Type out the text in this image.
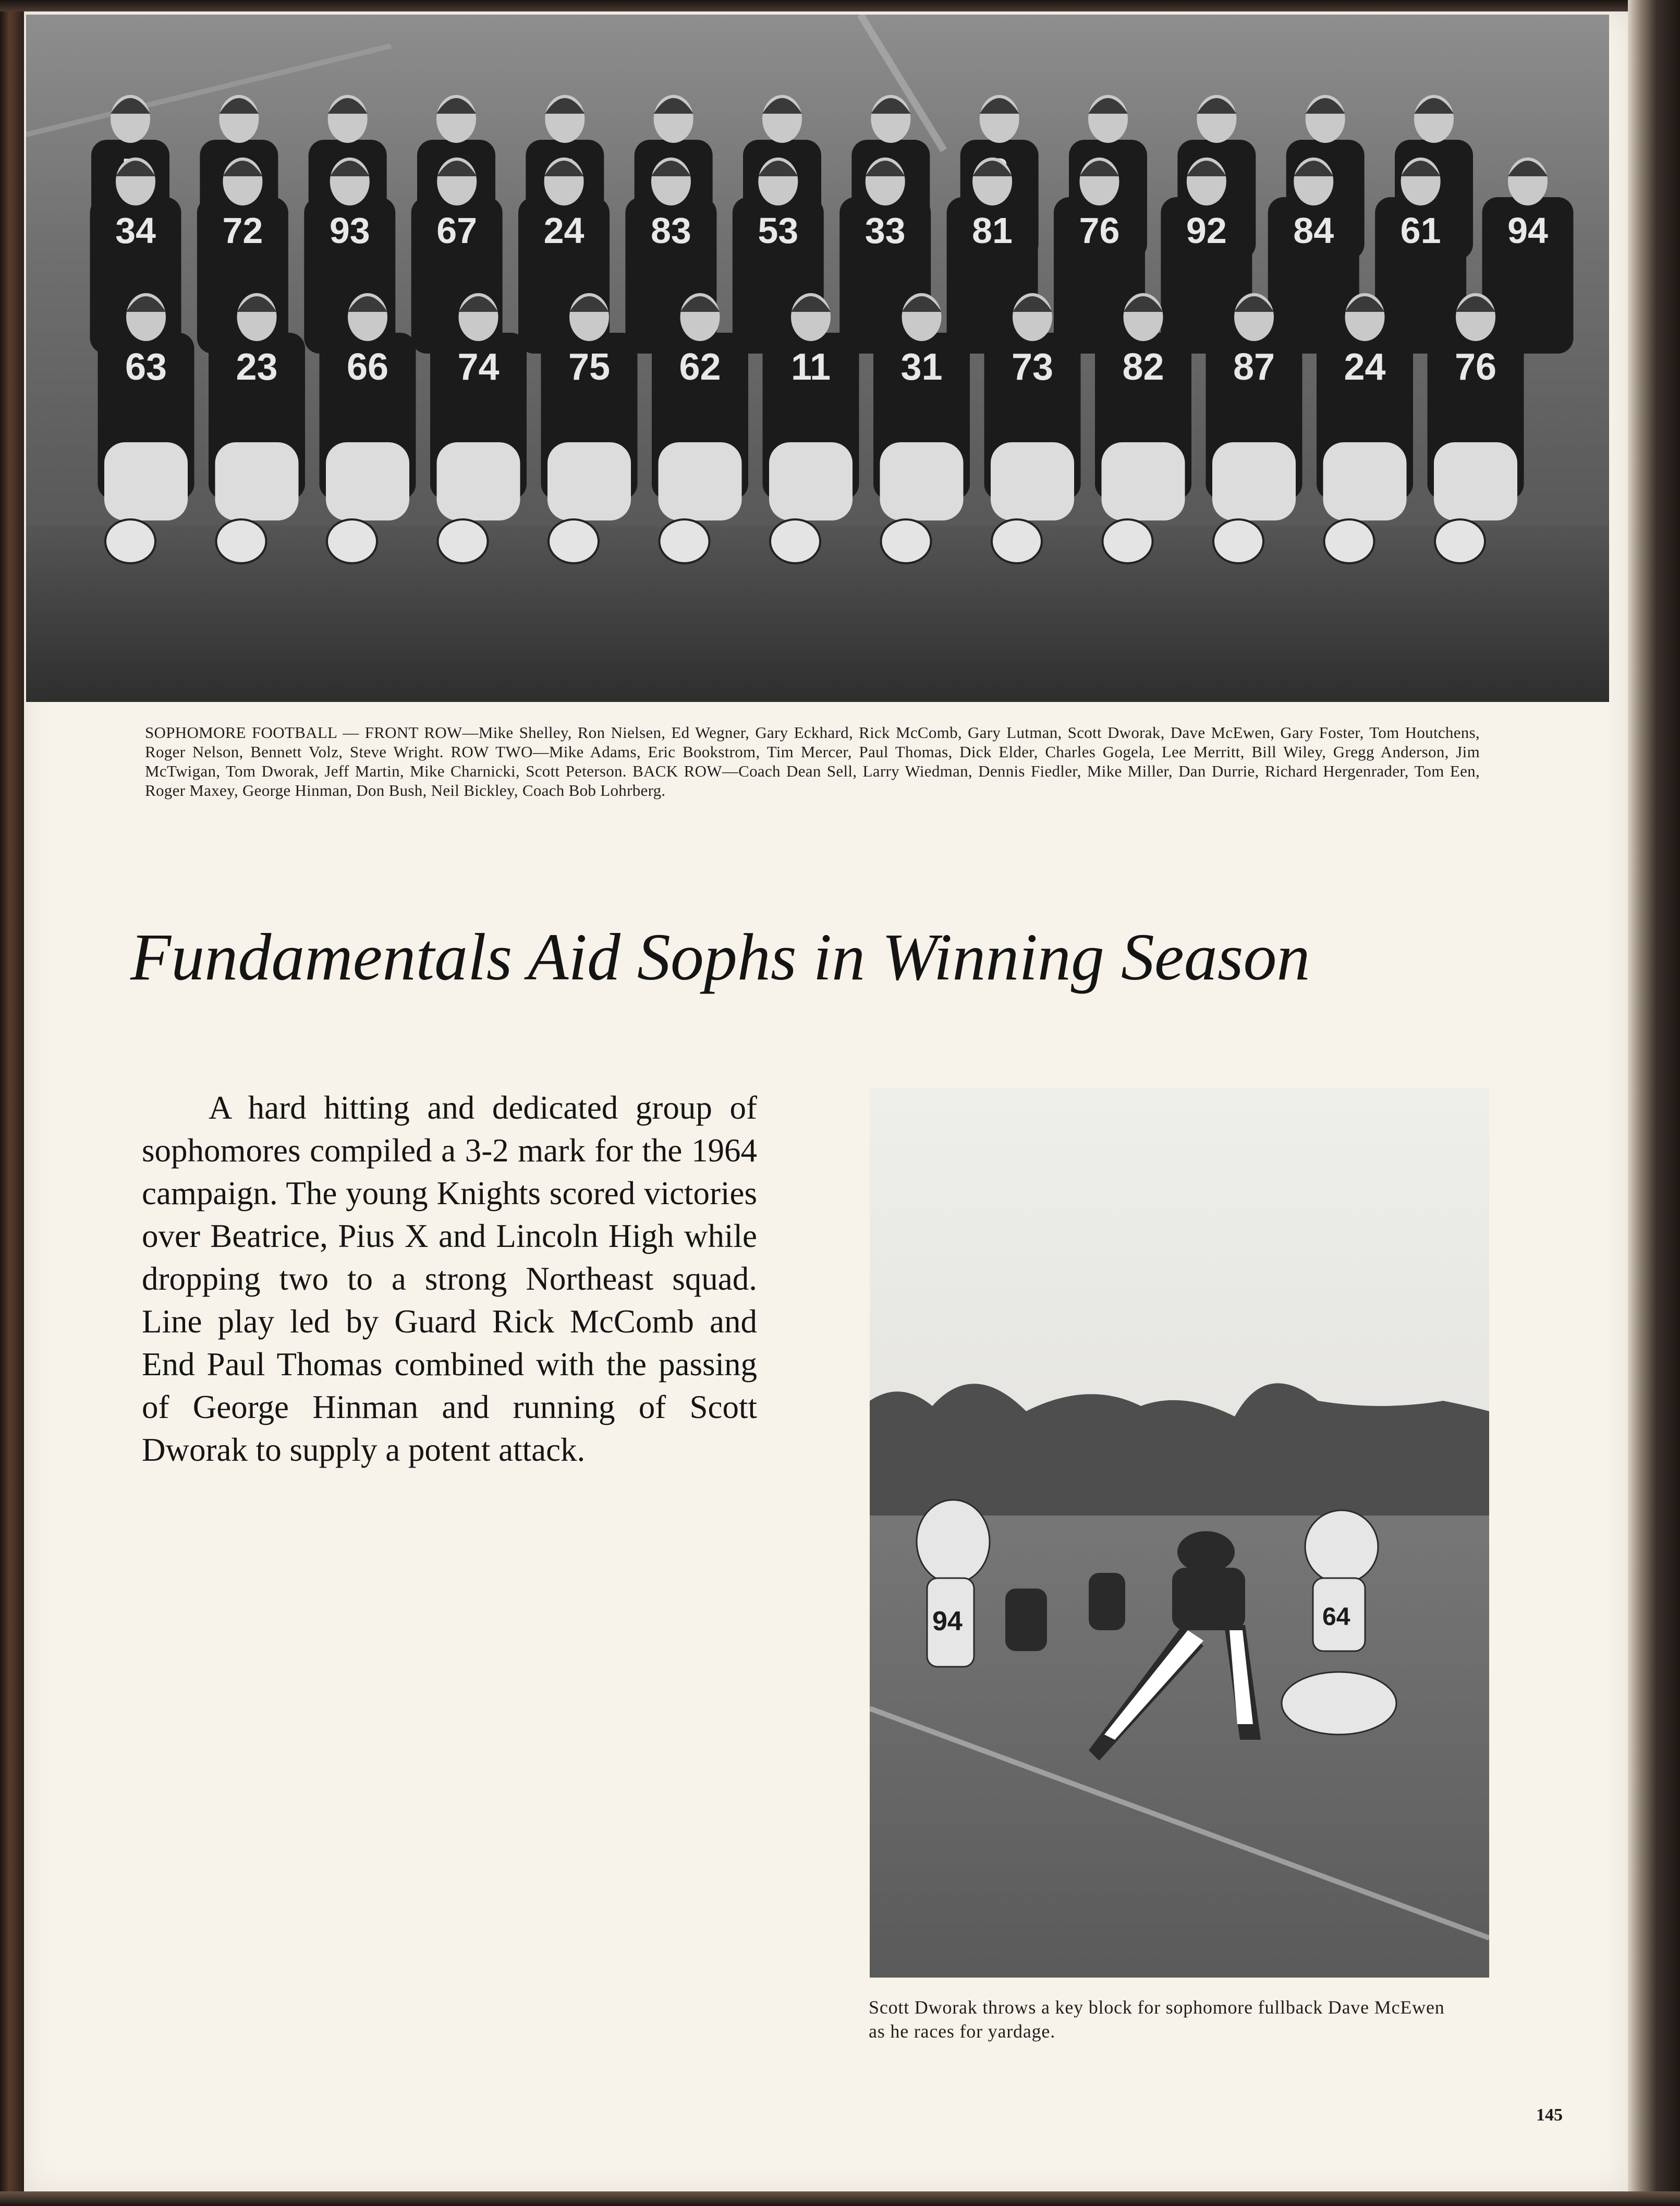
34 72 93 67 24 83 53 33 81 76 92 84 61 94
63 23 66 74 75 62 11 31 73 82 87 24 76
SOPHOMORE FOOTBALL — FRONT ROW—Mike Shelley, Ron Nielsen, Ed Wegner, Gary Eckhard, Rick McComb, Gary Lutman, Scott Dworak, Dave McEwen, Gary Foster, Tom Houtchens, Roger Nelson, Bennett Volz, Steve Wright. ROW TWO—Mike Adams, Eric Bookstrom, Tim Mercer, Paul Thomas, Dick Elder, Charles Gogela, Lee Merritt, Bill Wiley, Gregg Anderson, Jim McTwigan, Tom Dworak, Jeff Martin, Mike Charnicki, Scott Peterson. BACK ROW—Coach Dean Sell, Larry Wiedman, Dennis Fiedler, Mike Miller, Dan Durrie, Richard Hergenrader, Tom Een, Roger Maxey, George Hinman, Don Bush, Neil Bickley, Coach Bob Lohrberg.
Fundamentals Aid Sophs in Winning Season
A hard hitting and dedicated group of sophomores compiled a 3-2 mark for the 1964 campaign. The young Knights scored victories over Beatrice, Pius X and Lincoln High while dropping two to a strong Northeast squad. Line play led by Guard Rick McComb and End Paul Thomas combined with the passing of George Hinman and running of Scott Dworak to supply a potent attack.
94	64
Scott Dworak throws a key block for sophomore fullback Dave McEwen as he races for yardage.
145
